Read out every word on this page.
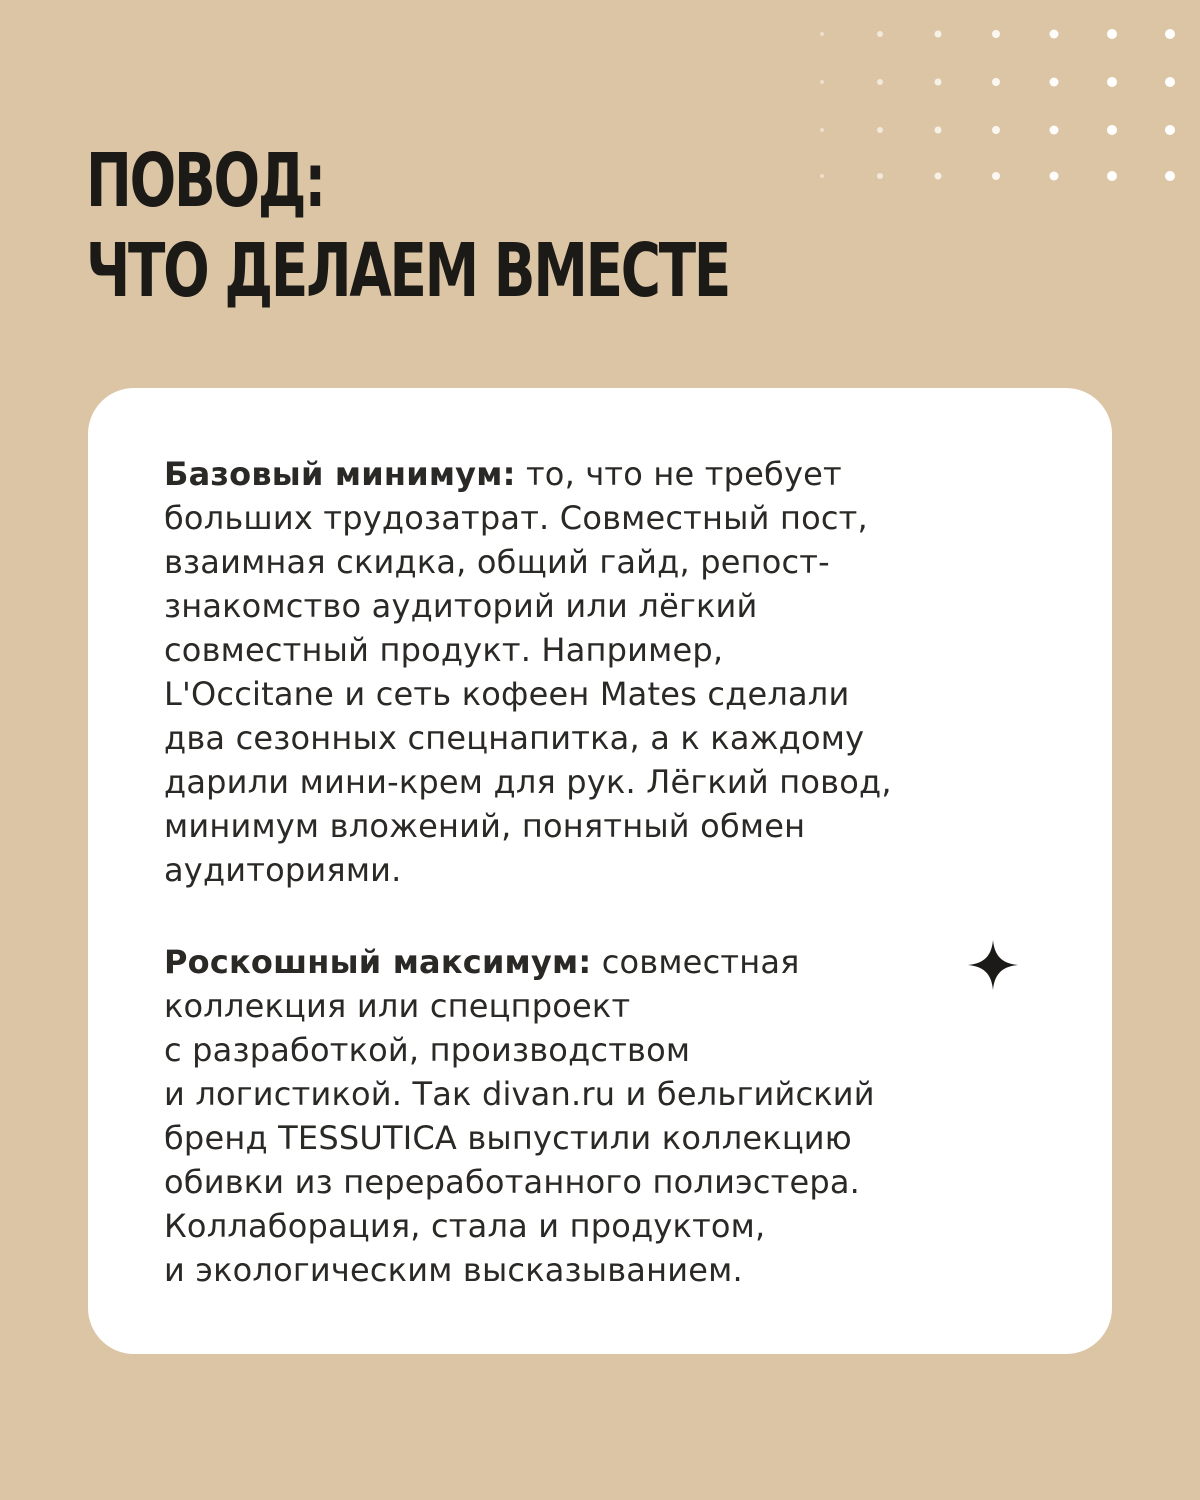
ПОВОД:
ЧТО ДЕЛАЕМ ВМЕСТЕ

Базовый минимум: то, что не требует
больших трудозатрат. Совместный пост,
взаимная скидка, общий гайд, репост-
знакомство аудиторий или лёгкий
совместный продукт. Например,
L'Occitane и сеть кофеен Mates сделали
два сезонных спецнапитка, а к каждому
дарили мини-крем для рук. Лёгкий повод,
минимум вложений, понятный обмен
аудиториями.

Роскошный максимум: совместная
коллекция или спецпроект
с разработкой, производством
и логистикой. Так divan.ru и бельгийский
бренд TESSUTICA выпустили коллекцию
обивки из переработанного полиэстера.
Коллаборация, стала и продуктом,
и экологическим высказыванием.
